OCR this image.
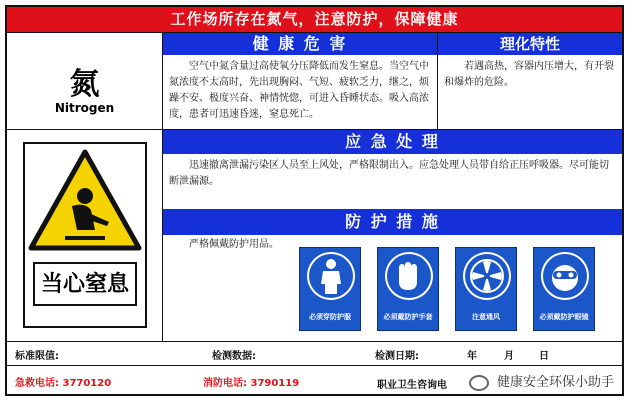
工作场所存在氮气，注意防护，保障健康
氮
Nitrogen
健 康 危 害
空气中氮含量过高使氧分压降低而发生窒息。当空气中氮浓度不太高时，先出现胸闷、气短、疲软乏力，继之，烦躁不安、极度兴奋、神情恍惚，可进入昏睡状态。吸入高浓度，患者可迅速昏迷，窒息死亡。
理化特性
若遇高热，容器内压增大，有开裂和爆炸的危险。
应 急 处 理
迅速撤离泄漏污染区人员至上风处，严格限制出入。应急处理人员带自给正压呼吸器。尽可能切断泄漏源。
防 护 措 施
严格佩戴防护用品。
当心窒息
必须穿防护服	必须戴防护手套	注意通风	必须戴防护眼镜
标准限值:	检测数据:	检测日期:	年	月	日
急救电话: 3770120	消防电话: 3790119	职业卫生咨询电	健康安全环保小助手
